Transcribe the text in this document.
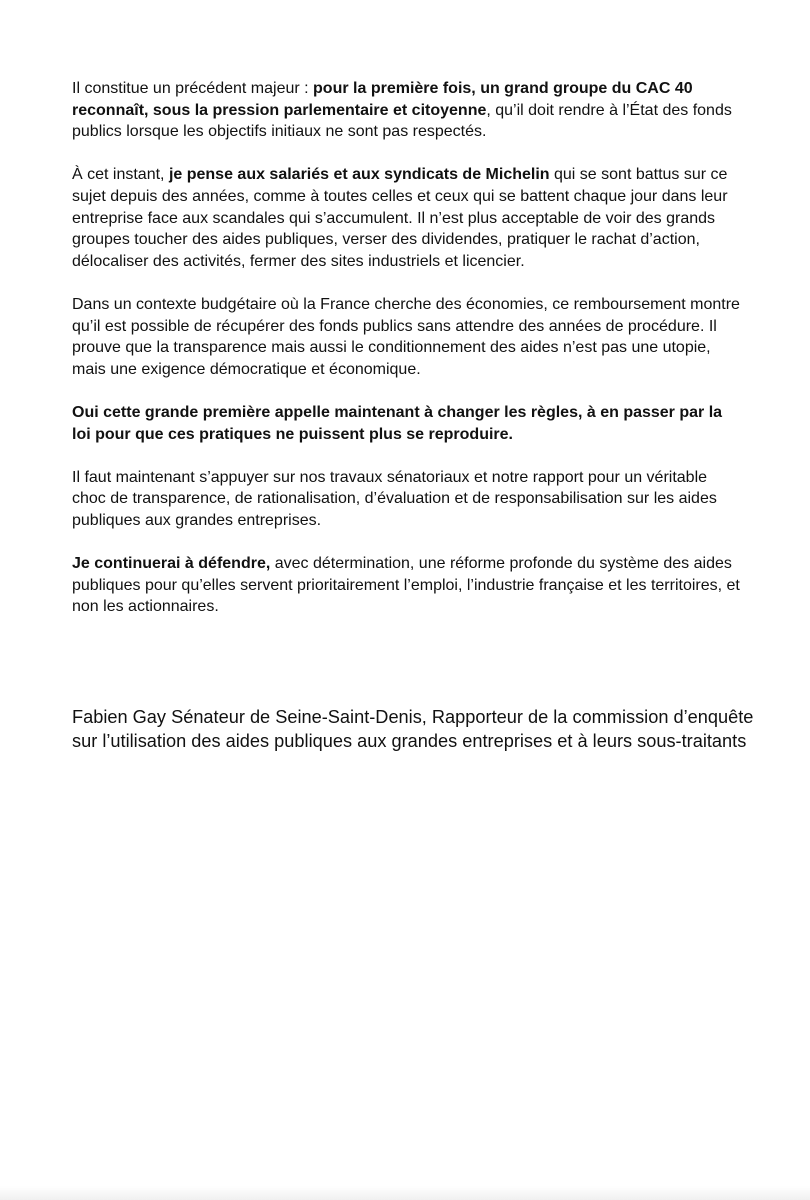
Il constitue un précédent majeur : pour la première fois, un grand groupe du CAC 40 reconnaît, sous la pression parlementaire et citoyenne, qu’il doit rendre à l’État des fonds publics lorsque les objectifs initiaux ne sont pas respectés.

À cet instant, je pense aux salariés et aux syndicats de Michelin qui se sont battus sur ce sujet depuis des années, comme à toutes celles et ceux qui se battent chaque jour dans leur entreprise face aux scandales qui s’accumulent. Il n’est plus acceptable de voir des grands groupes toucher des aides publiques, verser des dividendes, pratiquer le rachat d’action, délocaliser des activités, fermer des sites industriels et licencier.

Dans un contexte budgétaire où la France cherche des économies, ce remboursement montre qu’il est possible de récupérer des fonds publics sans attendre des années de procédure. Il prouve que la transparence mais aussi le conditionnement des aides n’est pas une utopie, mais une exigence démocratique et économique.

Oui cette grande première appelle maintenant à changer les règles, à en passer par la loi pour que ces pratiques ne puissent plus se reproduire.

Il faut maintenant s’appuyer sur nos travaux sénatoriaux et notre rapport pour un véritable choc de transparence, de rationalisation, d’évaluation et de responsabilisation sur les aides publiques aux grandes entreprises.

Je continuerai à défendre, avec détermination, une réforme profonde du système des aides publiques pour qu’elles servent prioritairement l’emploi, l’industrie française et les territoires, et non les actionnaires.

Fabien Gay Sénateur de Seine-Saint-Denis, Rapporteur de la commission d’enquête sur l’utilisation des aides publiques aux grandes entreprises et à leurs sous-traitants
